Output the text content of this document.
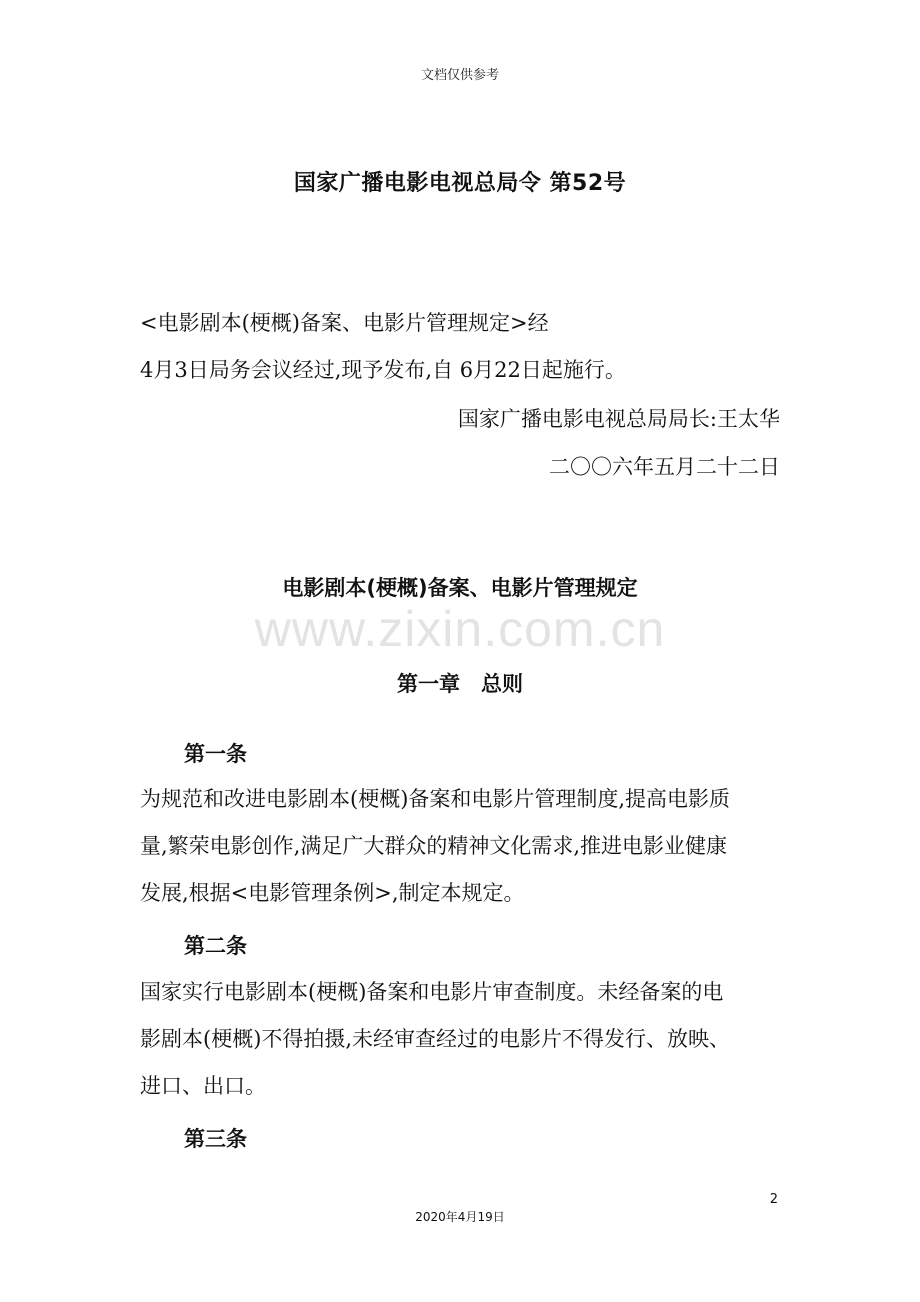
www.zixin.com.cn
文档仅供参考
国家广播电影电视总局令 第52号
<电影剧本(梗概)备案、电影片管理规定>经
4月3日局务会议经过,现予发布,自 6月22日起施行。
国家广播电影电视总局局长:王太华
二〇〇六年五月二十二日
电影剧本(梗概)备案、电影片管理规定
第一章　总则
第一条
为规范和改进电影剧本(梗概)备案和电影片管理制度,提高电影质
量,繁荣电影创作,满足广大群众的精神文化需求,推进电影业健康
发展,根据<电影管理条例>,制定本规定。
第二条
国家实行电影剧本(梗概)备案和电影片审查制度。未经备案的电
影剧本(梗概)不得拍摄,未经审查经过的电影片不得发行、放映、
进口、出口。
第三条
2
2020年4月19日
